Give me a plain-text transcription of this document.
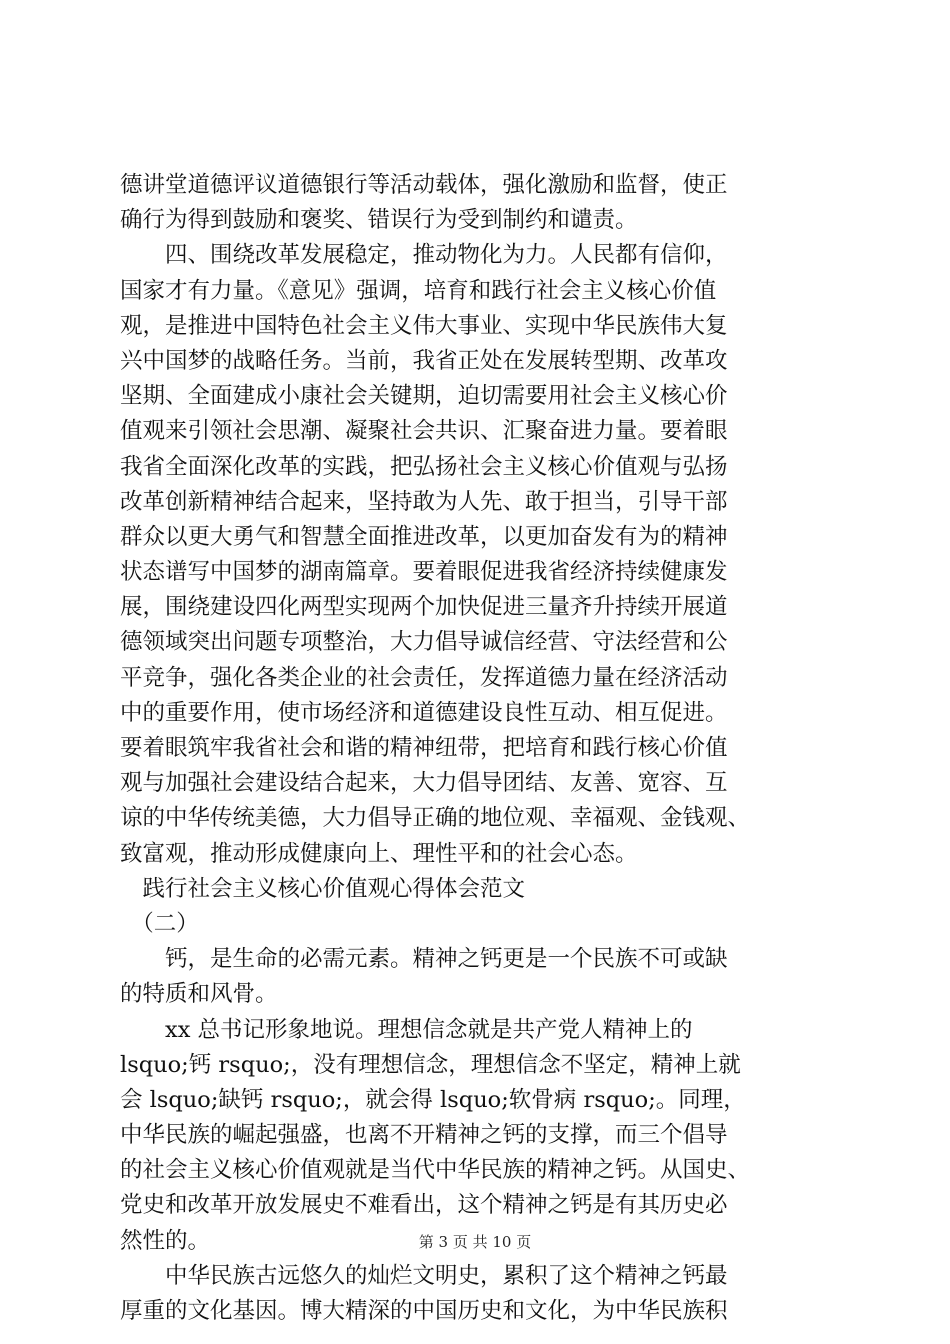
德讲堂道德评议道德银行等活动载体，强化激励和监督，使正
确行为得到鼓励和褒奖、错误行为受到制约和谴责。
　　四、围绕改革发展稳定，推动物化为力。人民都有信仰，
国家才有力量。《意见》强调，培育和践行社会主义核心价值
观，是推进中国特色社会主义伟大事业、实现中华民族伟大复
兴中国梦的战略任务。当前，我省正处在发展转型期、改革攻
坚期、全面建成小康社会关键期，迫切需要用社会主义核心价
值观来引领社会思潮、凝聚社会共识、汇聚奋进力量。要着眼
我省全面深化改革的实践，把弘扬社会主义核心价值观与弘扬
改革创新精神结合起来，坚持敢为人先、敢于担当，引导干部
群众以更大勇气和智慧全面推进改革，以更加奋发有为的精神
状态谱写中国梦的湖南篇章。要着眼促进我省经济持续健康发
展，围绕建设四化两型实现两个加快促进三量齐升持续开展道
德领域突出问题专项整治，大力倡导诚信经营、守法经营和公
平竞争，强化各类企业的社会责任，发挥道德力量在经济活动
中的重要作用，使市场经济和道德建设良性互动、相互促进。
要着眼筑牢我省社会和谐的精神纽带，把培育和践行核心价值
观与加强社会建设结合起来，大力倡导团结、友善、宽容、互
谅的中华传统美德，大力倡导正确的地位观、幸福观、金钱观、
致富观，推动形成健康向上、理性平和的社会心态。
　践行社会主义核心价值观心得体会范文
　（二）
　　钙，是生命的必需元素。精神之钙更是一个民族不可或缺
的特质和风骨。
　　xx 总书记形象地说。理想信念就是共产党人精神上的
lsquo;钙 rsquo;，没有理想信念，理想信念不坚定，精神上就
会 lsquo;缺钙 rsquo;，就会得 lsquo;软骨病 rsquo;。同理，
中华民族的崛起强盛，也离不开精神之钙的支撑，而三个倡导
的社会主义核心价值观就是当代中华民族的精神之钙。从国史、
党史和改革开放发展史不难看出，这个精神之钙是有其历史必
然性的。
　　中华民族古远悠久的灿烂文明史，累积了这个精神之钙最
厚重的文化基因。博大精深的中国历史和文化，为中华民族积
第 3 页 共 10 页
